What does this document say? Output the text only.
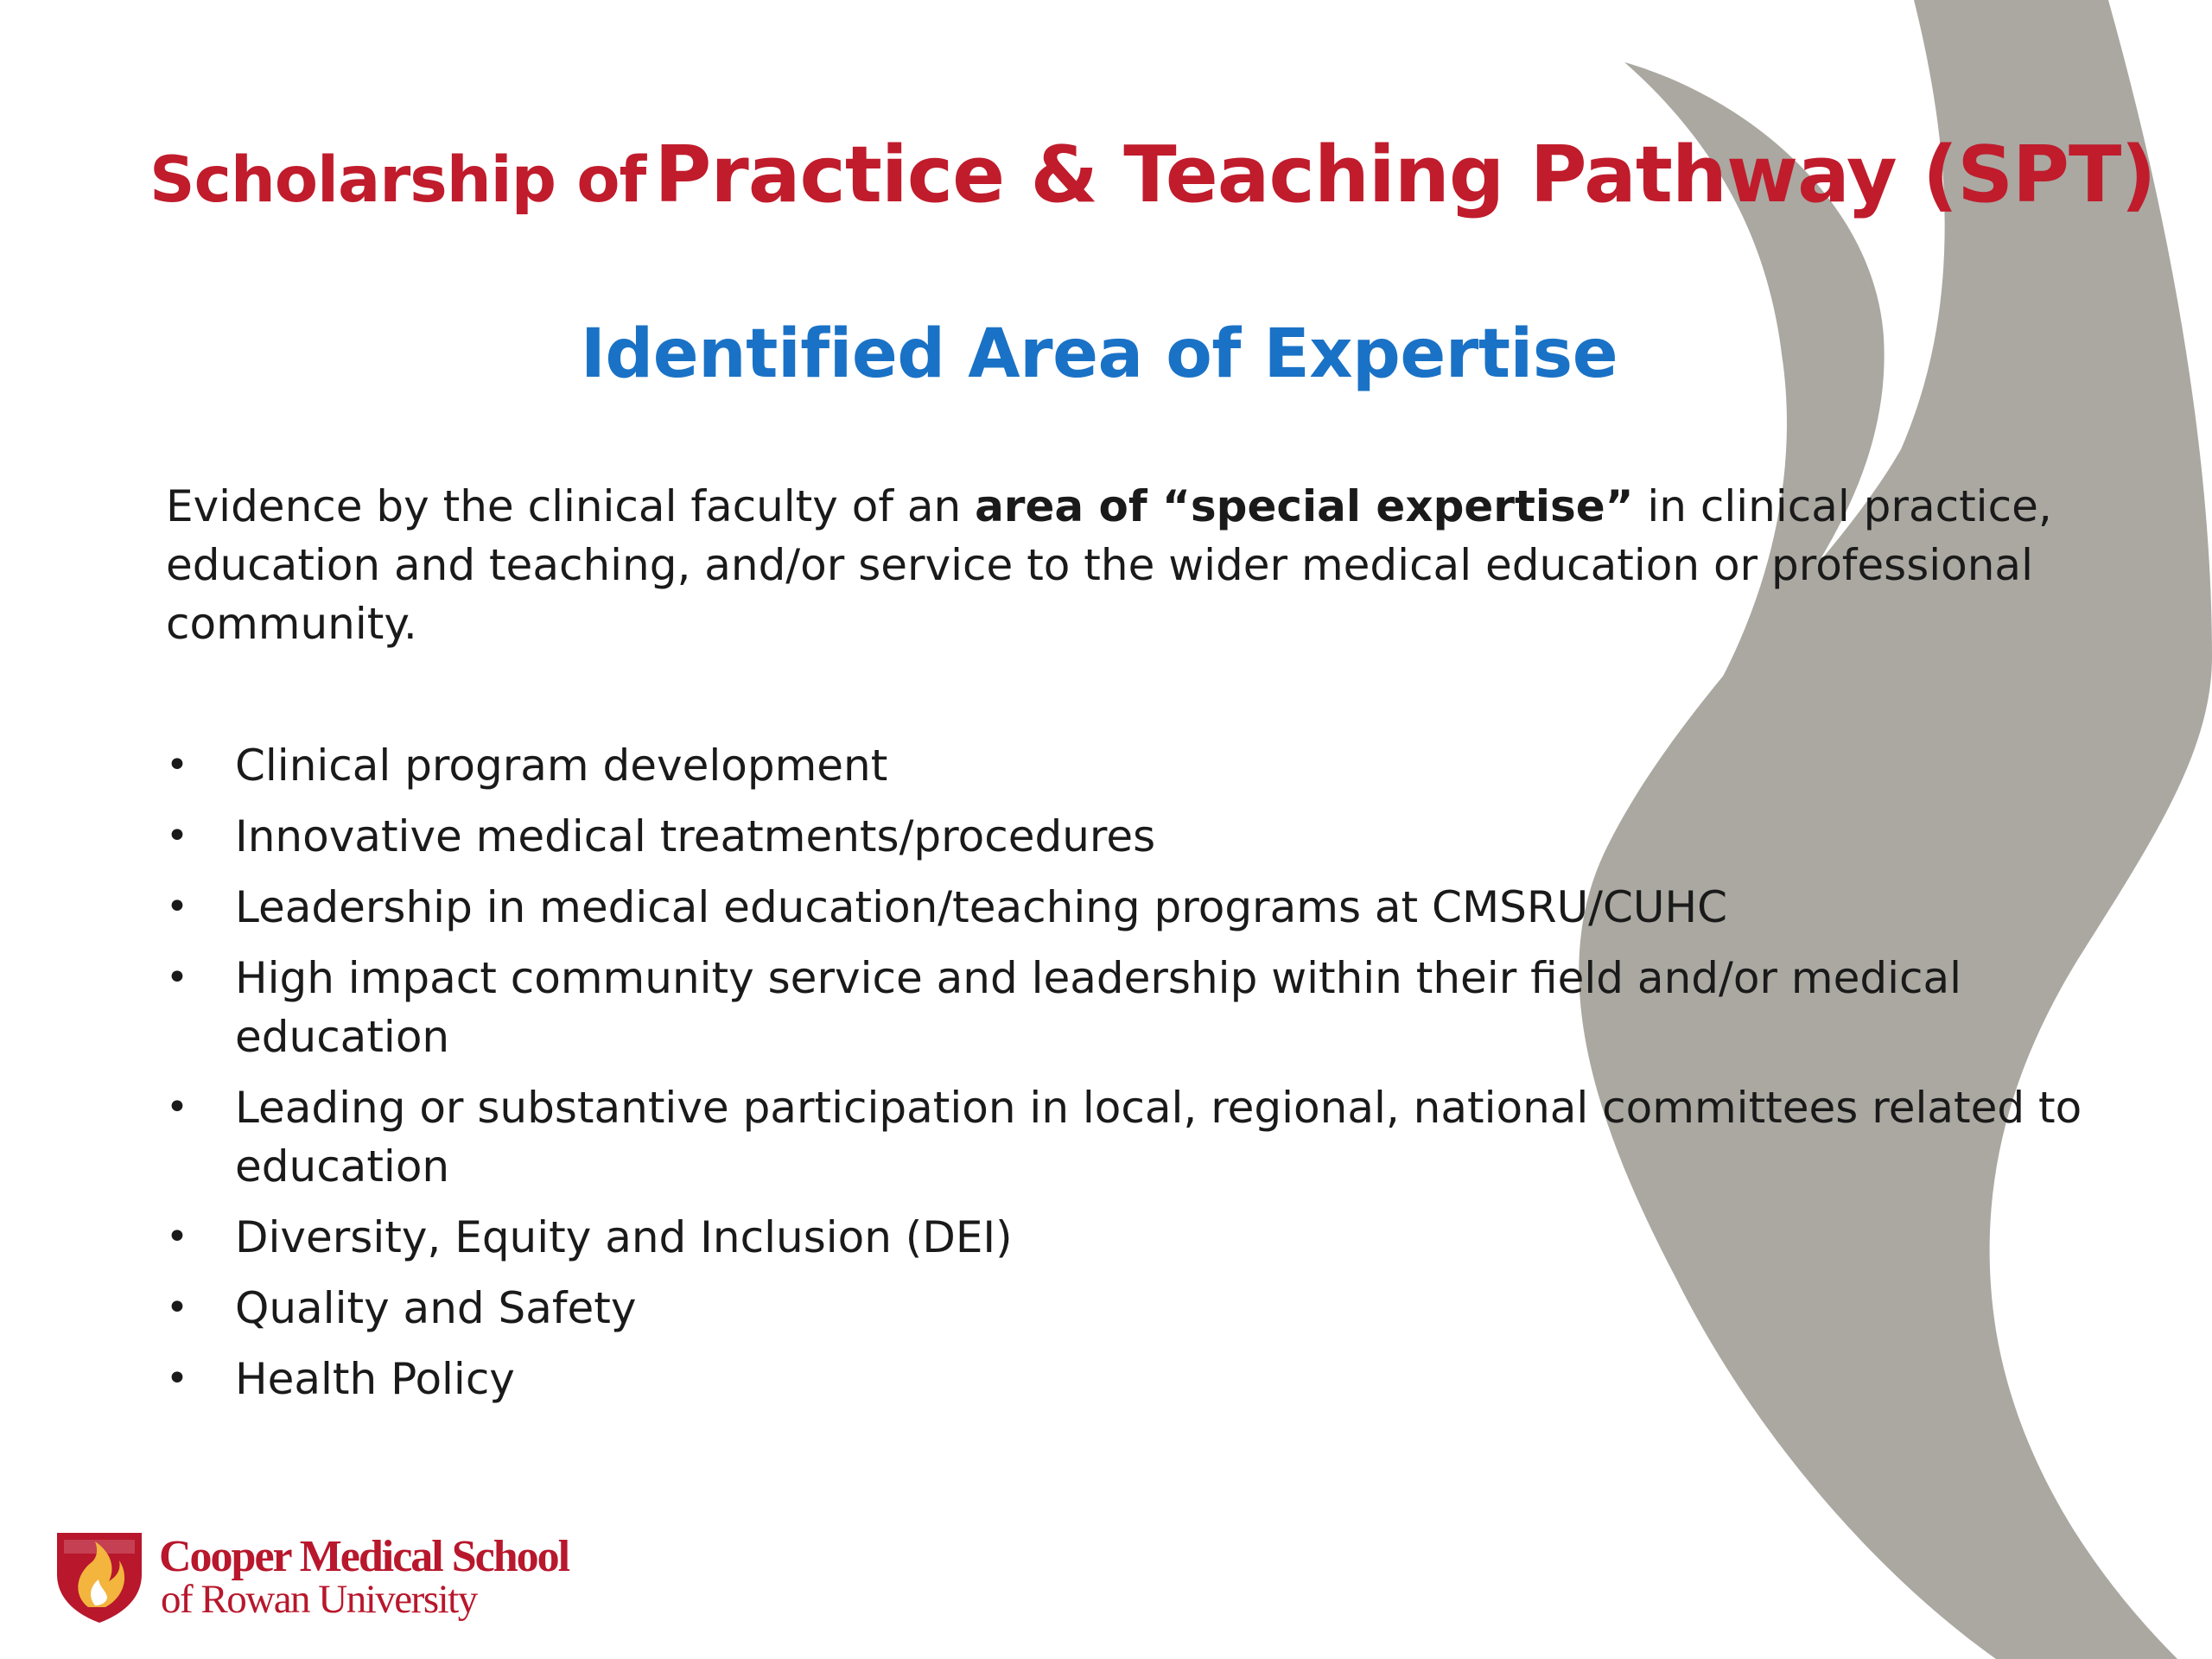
Scholarship of Practice & Teaching Pathway (SPT)
Identified Area of Expertise

Evidence by the clinical faculty of an area of “special expertise” in clinical practice, education and teaching, and/or service to the wider medical education or professional community.

• Clinical program development
• Innovative medical treatments/procedures
• Leadership in medical education/teaching programs at CMSRU/CUHC
• High impact community service and leadership within their field and/or medical education
• Leading or substantive participation in local, regional, national committees related to education
• Diversity, Equity and Inclusion (DEI)
• Quality and Safety
• Health Policy
Cooper Medical School
of Rowan University
